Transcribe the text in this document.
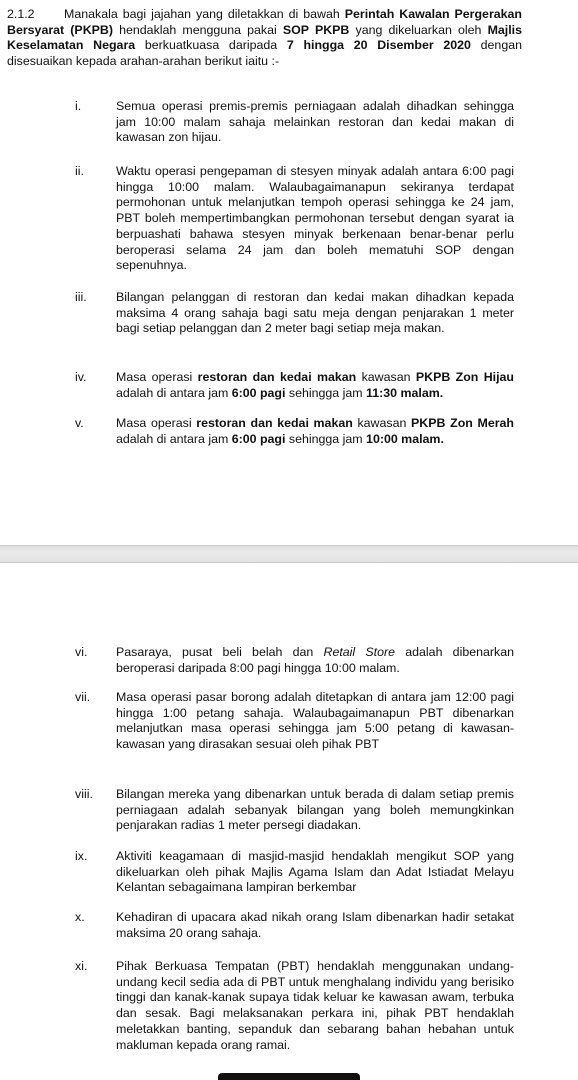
2.1.2 Manakala bagi jajahan yang diletakkan di bawah Perintah Kawalan Pergerakan Bersyarat (PKPB) hendaklah mengguna pakai SOP PKPB yang dikeluarkan oleh Majlis Keselamatan Negara berkuatkuasa daripada 7 hingga 20 Disember 2020 dengan disesuaikan kepada arahan-arahan berikut iaitu :-
i.	Semua operasi premis-premis perniagaan adalah dihadkan sehingga jam 10:00 malam sahaja melainkan restoran dan kedai makan di kawasan zon hijau.
ii.	Waktu operasi pengepaman di stesyen minyak adalah antara 6:00 pagi hingga 10:00 malam. Walaubagaimanapun sekiranya terdapat permohonan untuk melanjutkan tempoh operasi sehingga ke 24 jam, PBT boleh mempertimbangkan permohonan tersebut dengan syarat ia berpuashati bahawa stesyen minyak berkenaan benar-benar perlu beroperasi selama 24 jam dan boleh mematuhi SOP dengan sepenuhnya.
iii. Bilangan pelanggan di restoran dan kedai makan dihadkan kepada maksima 4 orang sahaja bagi satu meja dengan penjarakan 1 meter bagi setiap pelanggan dan 2 meter bagi setiap meja makan.
iv. Masa operasi restoran dan kedai makan kawasan PKPB Zon Hijau adalah di antara jam 6:00 pagi sehingga jam 11:30 malam.
v.	Masa operasi restoran dan kedai makan kawasan PKPB Zon Merah adalah di antara jam 6:00 pagi sehingga jam 10:00 malam.
vi. Pasaraya, pusat beli belah dan Retail Store adalah dibenarkan beroperasi daripada 8:00 pagi hingga 10:00 malam.
vii. Masa operasi pasar borong adalah ditetapkan di antara jam 12:00 pagi hingga 1:00 petang sahaja. Walaubagaimanapun PBT dibenarkan melanjutkan masa operasi sehingga jam 5:00 petang di kawasan-kawasan yang dirasakan sesuai oleh pihak PBT
viii. Bilangan mereka yang dibenarkan untuk berada di dalam setiap premis perniagaan adalah sebanyak bilangan yang boleh memungkinkan penjarakan radias 1 meter persegi diadakan.
ix. Aktiviti keagamaan di masjid-masjid hendaklah mengikut SOP yang dikeluarkan oleh pihak Majlis Agama Islam dan Adat Istiadat Melayu Kelantan sebagaimana lampiran berkembar
x.	Kehadiran di upacara akad nikah orang Islam dibenarkan hadir setakat maksima 20 orang sahaja.
xi. Pihak Berkuasa Tempatan (PBT) hendaklah menggunakan undang-undang kecil sedia ada di PBT untuk menghalang individu yang berisiko tinggi dan kanak-kanak supaya tidak keluar ke kawasan awam, terbuka dan sesak. Bagi melaksanakan perkara ini, pihak PBT hendaklah meletakkan banting, sepanduk dan sebarang bahan hebahan untuk makluman kepada orang ramai.
